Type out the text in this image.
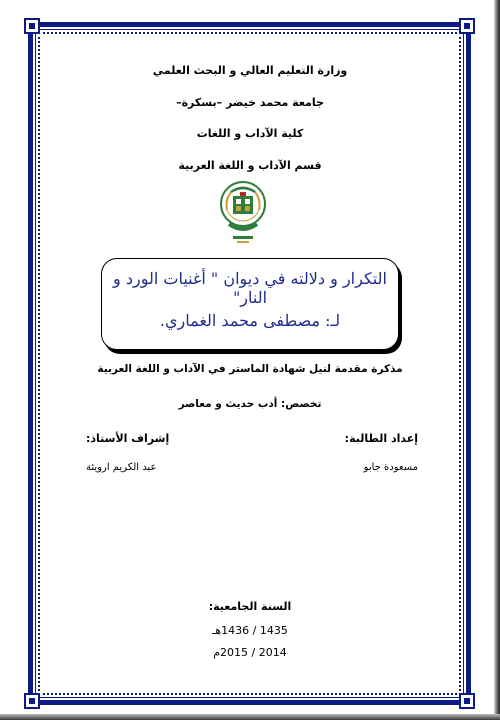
وزارة التعليم العالي و البحث العلمي
جامعة محمد خيضر –بسكرة–
كلية الآداب و اللغات
قسم الآداب و اللغة العربية
التكرار و دلالته في ديوان " أغنيات الورد و النار"
لـ: مصطفى محمد الغماري.
مذكرة مقدمة لنيل شهادة الماستر في الآداب و اللغة العربية
تخصص: أدب حديث و معاصر
إعداد الطالبة:
مسعودة جابو
إشراف الأستاذ:
عبد الكريم ارويئة
السنة الجامعية:
1435 / 1436هـ
2014 / 2015م
